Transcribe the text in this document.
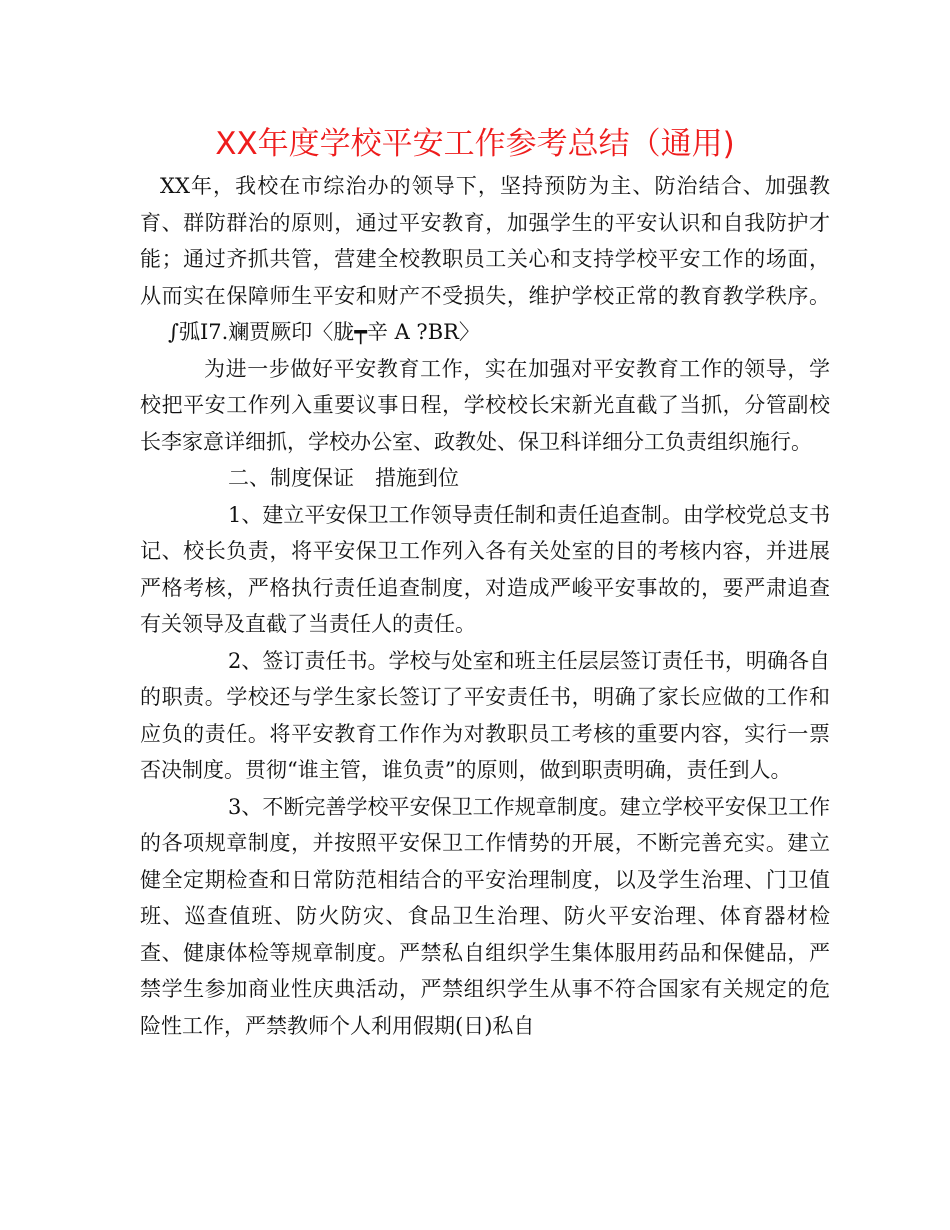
XX年度学校平安工作参考总结（通用)

XX年，我校在市综治办的领导下，坚持预防为主、防治结合、加强教育、群防群治的原则，通过平安教育，加强学生的平安认识和自我防护才能；通过齐抓共管，营建全校教职员工关心和支持学校平安工作的场面，从而实在保障师生平安和财产不受损失，维护学校正常的教育教学秩序。∫弧I7.斓贾厥印〈胧┯辛 A ?BR〉

为进一步做好平安教育工作，实在加强对平安教育工作的领导，学校把平安工作列入重要议事日程，学校校长宋新光直截了当抓，分管副校长李家意详细抓，学校办公室、政教处、保卫科详细分工负责组织施行。

二、制度保证　措施到位

1、建立平安保卫工作领导责任制和责任追查制。由学校党总支书记、校长负责，将平安保卫工作列入各有关处室的目的考核内容，并进展严格考核，严格执行责任追查制度，对造成严峻平安事故的，要严肃追查有关领导及直截了当责任人的责任。

2、签订责任书。学校与处室和班主任层层签订责任书，明确各自的职责。学校还与学生家长签订了平安责任书，明确了家长应做的工作和应负的责任。将平安教育工作作为对教职员工考核的重要内容，实行一票否决制度。贯彻“谁主管，谁负责”的原则，做到职责明确，责任到人。

3、不断完善学校平安保卫工作规章制度。建立学校平安保卫工作的各项规章制度，并按照平安保卫工作情势的开展，不断完善充实。建立健全定期检查和日常防范相结合的平安治理制度，以及学生治理、门卫值班、巡查值班、防火防灾、食品卫生治理、防火平安治理、体育器材检查、健康体检等规章制度。严禁私自组织学生集体服用药品和保健品，严禁学生参加商业性庆典活动，严禁组织学生从事不符合国家有关规定的危险性工作，严禁教师个人利用假期(日)私自
